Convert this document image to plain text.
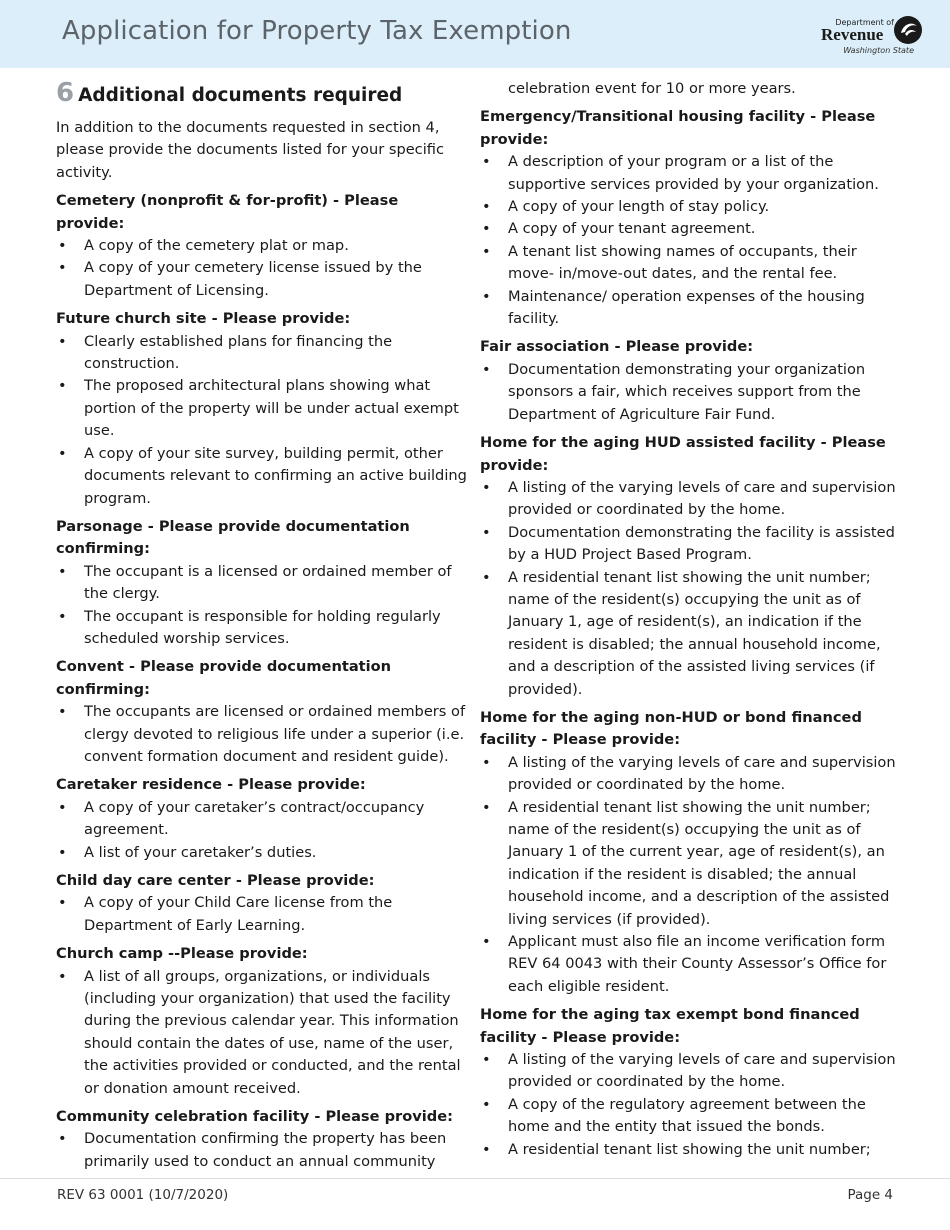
Application for Property Tax Exemption	Department of
Revenue
Washington State
6 Additional documents required

In addition to the documents requested in section 4, please provide the documents listed for your specific activity.

Cemetery (nonprofit & for-profit) - Please provide:
• A copy of the cemetery plat or map.
• A copy of your cemetery license issued by the Department of Licensing.
Future church site - Please provide:
• Clearly established plans for financing the construction.
• The proposed architectural plans showing what portion of the property will be under actual exempt use.
• A copy of your site survey, building permit, other documents relevant to confirming an active building program.
Parsonage - Please provide documentation confirming:
• The occupant is a licensed or ordained member of the clergy.
• The occupant is responsible for holding regularly scheduled worship services.
Convent - Please provide documentation confirming:
• The occupants are licensed or ordained members of clergy devoted to religious life under a superior (i.e. convent formation document and resident guide).
Caretaker residence - Please provide:
• A copy of your caretaker’s contract/occupancy agreement.
• A list of your caretaker’s duties.
Child day care center - Please provide:
• A copy of your Child Care license from the Department of Early Learning.
Church camp --Please provide:
• A list of all groups, organizations, or individuals (including your organization) that used the facility during the previous calendar year. This information should contain the dates of use, name of the user, the activities provided or conducted, and the rental or donation amount received.
Community celebration facility - Please provide:
• Documentation confirming the property has been primarily used to conduct an annual community
celebration event for 10 or more years.
Emergency/Transitional housing facility - Please provide:
• A description of your program or a list of the supportive services provided by your organization.
• A copy of your length of stay policy.
• A copy of your tenant agreement.
• A tenant list showing names of occupants, their move- in/move-out dates, and the rental fee.
• Maintenance/ operation expenses of the housing facility.
Fair association - Please provide:
• Documentation demonstrating your organization sponsors a fair, which receives support from the Department of Agriculture Fair Fund.
Home for the aging HUD assisted facility - Please provide:
• A listing of the varying levels of care and supervision provided or coordinated by the home.
• Documentation demonstrating the facility is assisted by a HUD Project Based Program.
• A residential tenant list showing the unit number; name of the resident(s) occupying the unit as of January 1, age of resident(s), an indication if the resident is disabled; the annual household income, and a description of the assisted living services (if provided).
Home for the aging non-HUD or bond financed facility - Please provide:
• A listing of the varying levels of care and supervision provided or coordinated by the home.
• A residential tenant list showing the unit number; name of the resident(s) occupying the unit as of January 1 of the current year, age of resident(s), an indication if the resident is disabled; the annual household income, and a description of the assisted living services (if provided).
• Applicant must also file an income verification form REV 64 0043 with their County Assessor’s Office for each eligible resident.
Home for the aging tax exempt bond financed facility - Please provide:
• A listing of the varying levels of care and supervision provided or coordinated by the home.
• A copy of the regulatory agreement between the home and the entity that issued the bonds.
• A residential tenant list showing the unit number;
REV 63 0001 (10/7/2020)	Page 4
